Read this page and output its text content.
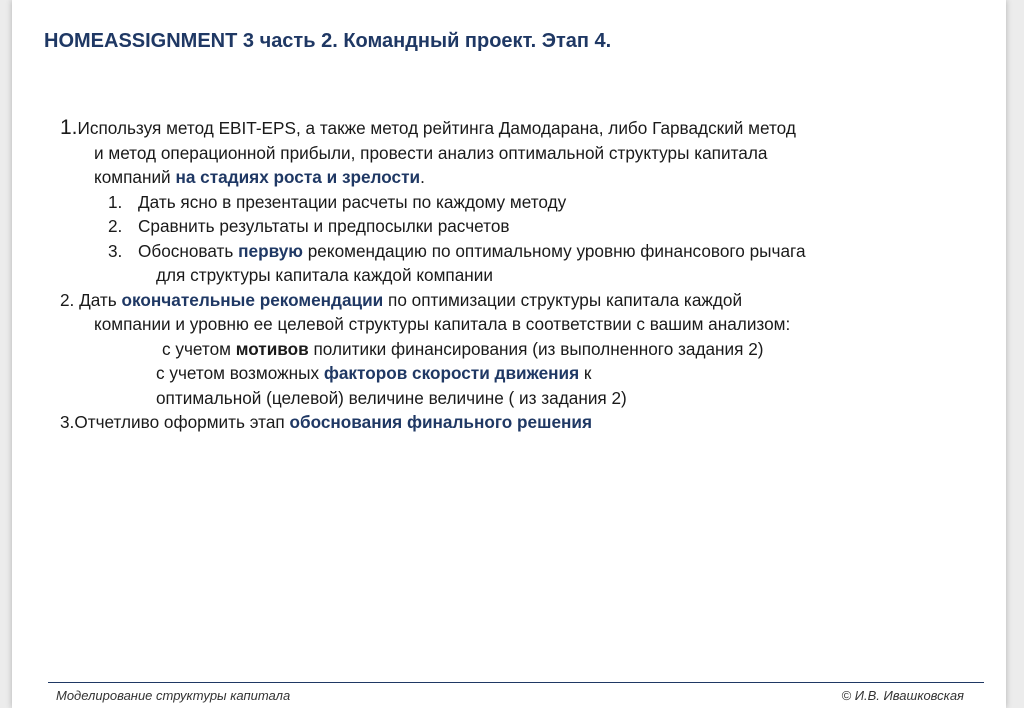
HOMEASSIGNMENT 3 часть 2. Командный проект. Этап 4.
1.Используя метод EBIT-EPS, а также метод рейтинга Дамодарана, либо Гарвадский метод
и метод операционной прибыли, провести анализ оптимальной структуры капитала
компаний на стадиях роста и зрелости.
1. Дать ясно в презентации расчеты по каждому методу
2. Сравнить результаты и предпосылки расчетов
3. Обосновать первую рекомендацию по оптимальному уровню финансового рычага
для структуры капитала каждой компании
2. Дать окончательные рекомендации по оптимизации структуры капитала каждой
компании и уровню ее целевой структуры капитала в соответствии с вашим анализом:
с учетом мотивов политики финансирования (из выполненного задания 2)
с учетом возможных факторов скорости движения к
оптимальной (целевой) величине величине ( из задания 2)
3.Отчетливо оформить этап обоснования финального решения
Моделирование структуры капитала	© И.В. Ивашковская
